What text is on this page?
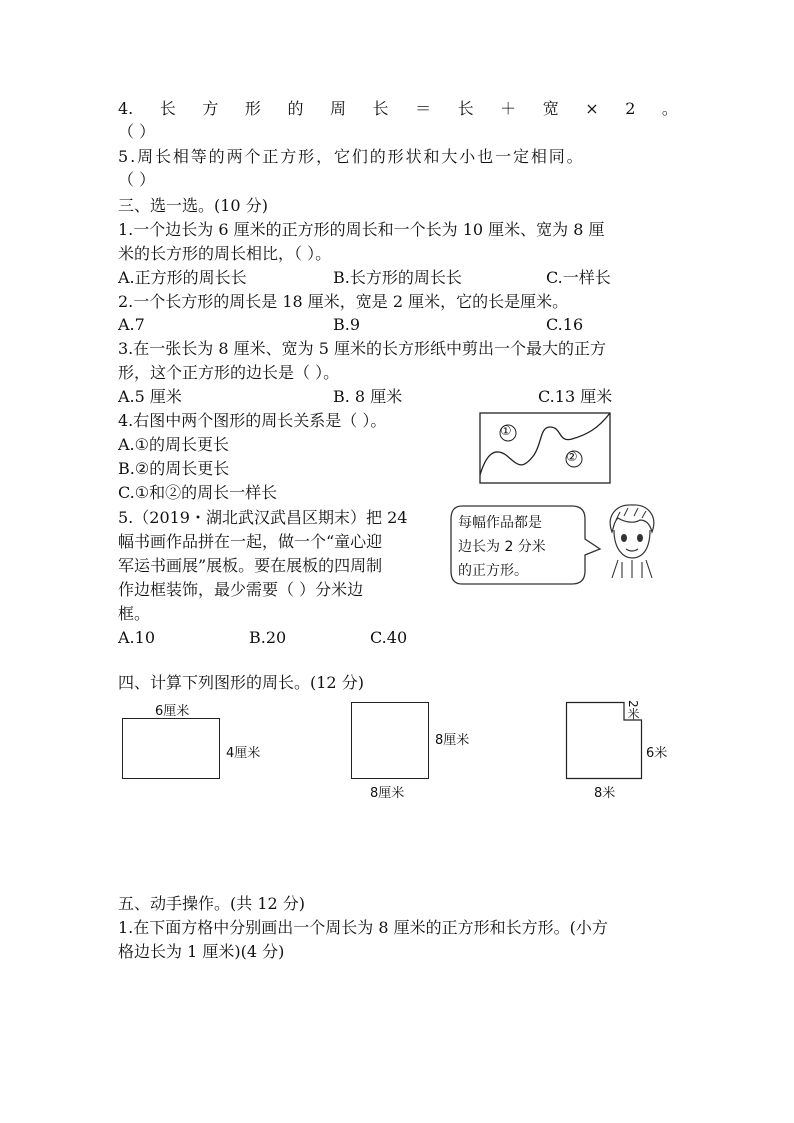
4. 长 方 形 的 周 长 ＝ 长 ＋ 宽 × 2 。
（ ）
5.周长相等的两个正方形，它们的形状和大小也一定相同。
（ ）
三、选一选。(10 分)
1.一个边长为 6 厘米的正方形的周长和一个长为 10 厘米、宽为 8 厘
米的长方形的周长相比，（ ）。
A.正方形的周长长	B.长方形的周长长	C.一样长
2.一个长方形的周长是 18 厘米，宽是 2 厘米，它的长是厘米。
A.7	B.9	C.16
3.在一张长为 8 厘米、宽为 5 厘米的长方形纸中剪出一个最大的正方
形，这个正方形的边长是（ ）。
A.5 厘米	B. 8 厘米	C.13 厘米
4.右图中两个图形的周长关系是（ ）。
A.①的周长更长
B.②的周长更长
C.①和②的周长一样长
①
②
5.（2019・湖北武汉武昌区期末）把 24
幅书画作品拼在一起，做一个“童心迎
军运书画展”展板。要在展板的四周制
作边框装饰，最少需要（ ）分米边
框。
A.10	B.20	C.40
每幅作品都是
边长为 2 分米
的正方形。
四、计算下列图形的周长。(12 分)
6厘米
4厘米
8厘米
8厘米
2米
6米
8米
五、动手操作。(共 12 分)
1.在下面方格中分别画出一个周长为 8 厘米的正方形和长方形。(小方
格边长为 1 厘米)(4 分)
